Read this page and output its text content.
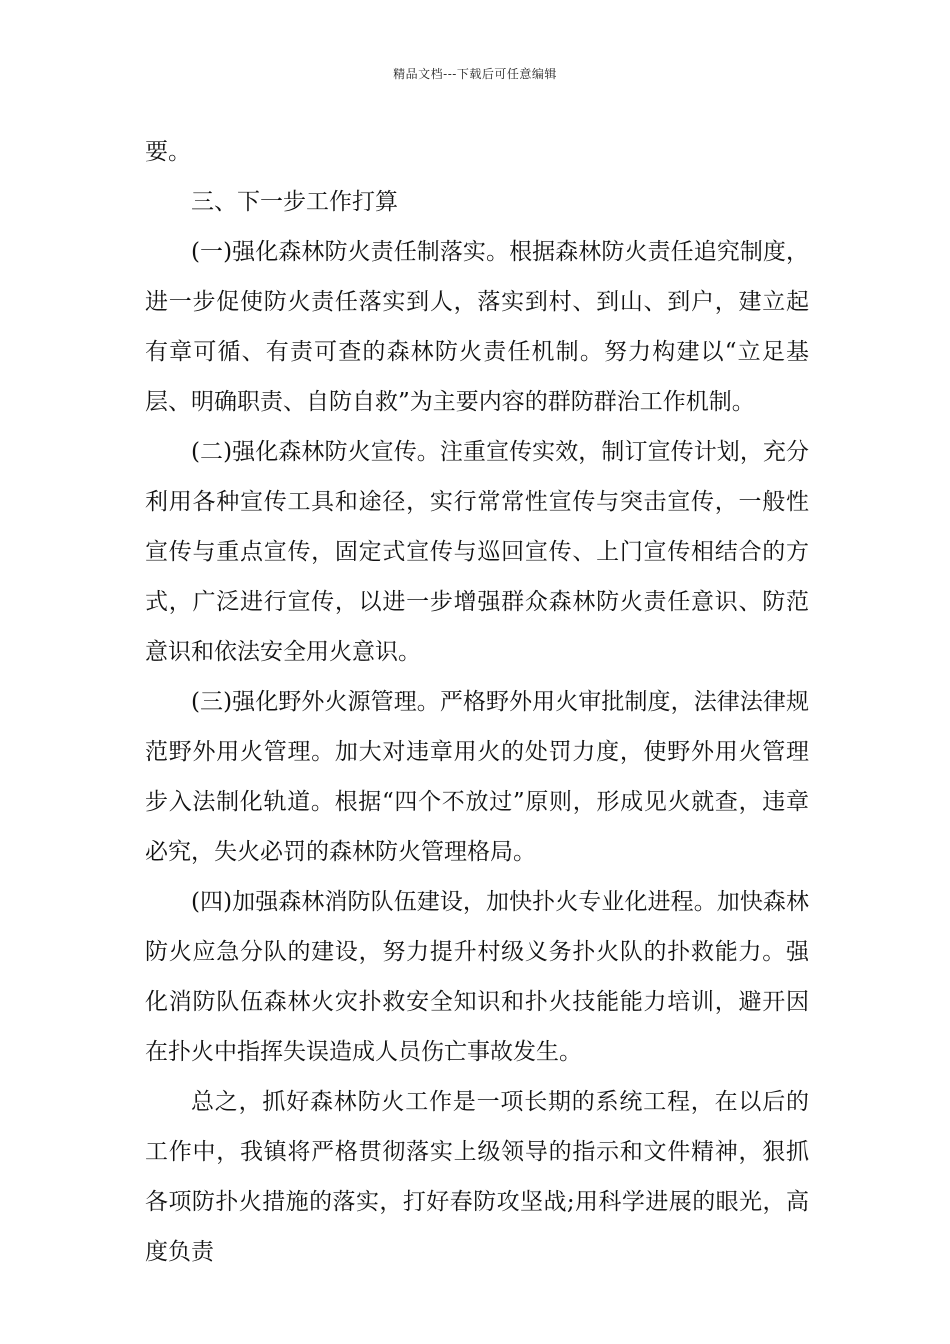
精品文档---下载后可任意编辑

要。

三、下一步工作打算

(一)强化森林防火责任制落实。根据森林防火责任追究制度，进一步促使防火责任落实到人，落实到村、到山、到户，建立起有章可循、有责可查的森林防火责任机制。努力构建以“立足基层、明确职责、自防自救”为主要内容的群防群治工作机制。

(二)强化森林防火宣传。注重宣传实效，制订宣传计划，充分利用各种宣传工具和途径，实行常常性宣传与突击宣传，一般性宣传与重点宣传，固定式宣传与巡回宣传、上门宣传相结合的方式，广泛进行宣传，以进一步增强群众森林防火责任意识、防范意识和依法安全用火意识。

(三)强化野外火源管理。严格野外用火审批制度，法律法律规范野外用火管理。加大对违章用火的处罚力度，使野外用火管理步入法制化轨道。根据“四个不放过”原则，形成见火就查，违章必究，失火必罚的森林防火管理格局。

(四)加强森林消防队伍建设，加快扑火专业化进程。加快森林防火应急分队的建设，努力提升村级义务扑火队的扑救能力。强化消防队伍森林火灾扑救安全知识和扑火技能能力培训，避开因在扑火中指挥失误造成人员伤亡事故发生。

总之，抓好森林防火工作是一项长期的系统工程，在以后的工作中，我镇将严格贯彻落实上级领导的指示和文件精神，狠抓各项防扑火措施的落实，打好春防攻坚战;用科学进展的眼光，高度负责
